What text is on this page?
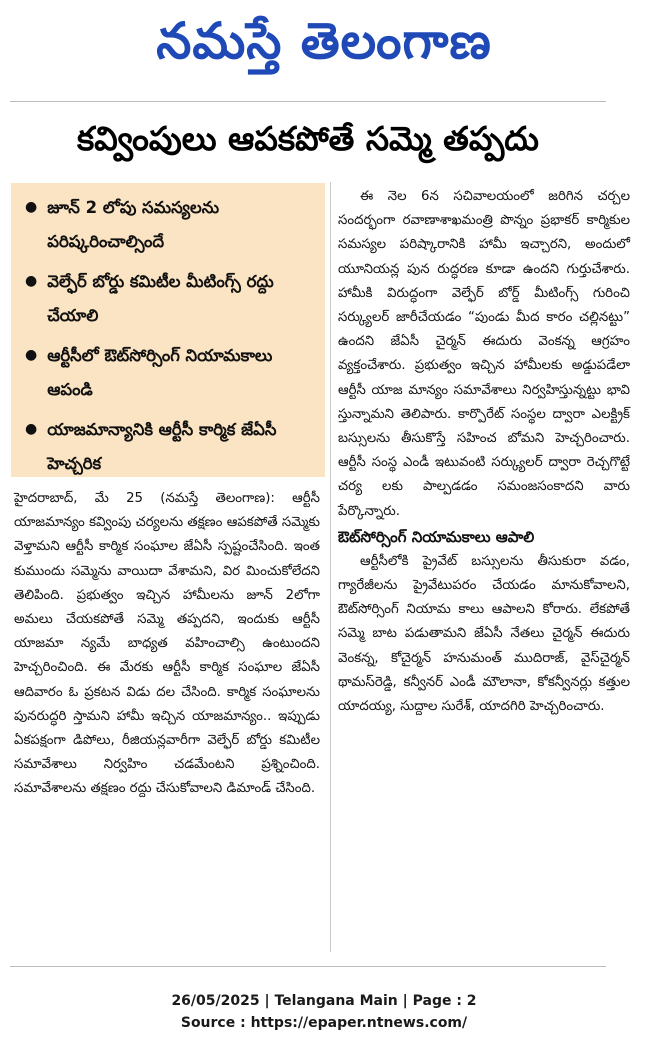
నమస్తే తెలంగాణ
కవ్వింపులు ఆపకపోతే సమ్మె తప్పదు
● జూన్ 2 లోపు సమస్యలను పరిష్కరించాల్సిందే
● వెల్ఫేర్ బోర్డు కమిటీల మీటింగ్స్ రద్దు చేయాలి
● ఆర్టీసీలో ఔట్‌సోర్సింగ్ నియామకాలు ఆపండి
● యాజమాన్యానికి ఆర్టీసీ కార్మిక జేఏసీ హెచ్చరిక

హైదరాబాద్, మే 25 (నమస్తే తెలంగాణ): ఆర్టీసీ యాజమాన్యం కవ్వింపు చర్యలను తక్షణం ఆపకపోతే సమ్మెకు వెళ్తామని ఆర్టీసీ కార్మిక సంఘాల జేఏసీ స్పష్టంచేసింది. ఇంత కుముందు సమ్మెను వాయిదా వేశామని, విర మించుకోలేదని తెలిపింది. ప్రభుత్వం ఇచ్చిన హామీలను జూన్ 2లోగా అమలు చేయకపోతే సమ్మె తప్పదని, ఇందుకు ఆర్టీసీ యాజమా న్యమే బాధ్యత వహించాల్సి ఉంటుందని హెచ్చరించింది. ఈ మేరకు ఆర్టీసీ కార్మిక సంఘాల జేఏసీ ఆదివారం ఓ ప్రకటన విడు దల చేసింది. కార్మిక సంఘాలను పునరుద్ధరి స్తామని హామీ ఇచ్చిన యాజమాన్యం.. ఇప్పుడు ఏకపక్షంగా డిపోలు, రీజియన్లవారీగా వెల్ఫేర్ బోర్డు కమిటీల సమావేశాలు నిర్వహిం చడమేంటని ప్రశ్నించింది. సమావేశాలను తక్షణం రద్దు చేసుకోవాలని డిమాండ్ చేసింది.

ఈ నెల 6న సచివాలయంలో జరిగిన చర్చల సందర్భంగా రవాణాశాఖమంత్రి పొన్నం ప్రభాకర్ కార్మికుల సమస్యల పరిష్కారానికి హామీ ఇచ్చారని, అందులో యూనియన్ల పున రుద్ధరణ కూడా ఉందని గుర్తుచేశారు. హామీకి విరుద్ధంగా వెల్ఫేర్ బోర్డ్ మీటింగ్స్ గురించి సర్క్యులర్ జారీచేయడం “పుండు మీద కారం చల్లినట్టు” ఉందని జేఏసీ చైర్మన్ ఈదురు వెంకన్న ఆగ్రహం వ్యక్తంచేశారు. ప్రభుత్వం ఇచ్చిన హామీలకు అడ్డుపడేలా ఆర్టీసీ యాజ మాన్యం సమావేశాలు నిర్వహిస్తున్నట్టు భావి స్తున్నామని తెలిపారు. కార్పొరేట్ సంస్థల ద్వారా ఎలక్ట్రిక్ బస్సులను తీసుకొస్తే సహించ బోమని హెచ్చరించారు. ఆర్టీసీ సంస్థ ఎండీ ఇటువంటి సర్క్యులర్ ద్వారా రెచ్చగొట్టే చర్య లకు పాల్పడడం సమంజసంకాదని వారు పేర్కొన్నారు.

ఔట్‌సోర్సింగ్ నియామకాలు ఆపాలి

ఆర్టీసీలోకి ప్రైవేట్ బస్సులను తీసుకురా వడం, గ్యారేజీలను ప్రైవేటుపరం చేయడం మానుకోవాలని, ఔట్‌సోర్సింగ్ నియామ కాలు ఆపాలని కోరారు. లేకపోతే సమ్మె బాట పడుతామని జేఏసీ నేతలు చైర్మన్ ఈదురు వెంకన్న, కోచైర్మన్ హనుమంత్ ముదిరాజ్, వైస్‌చైర్మన్ థామస్‌రెడ్డి, కన్వీనర్ ఎండీ మౌలానా, కోకన్వీనర్లు కత్తుల యాదయ్య, సుద్దాల సురేశ్, యాదగిరి హెచ్చరించారు.

26/05/2025 | Telangana Main | Page : 2
Source : https://epaper.ntnews.com/
